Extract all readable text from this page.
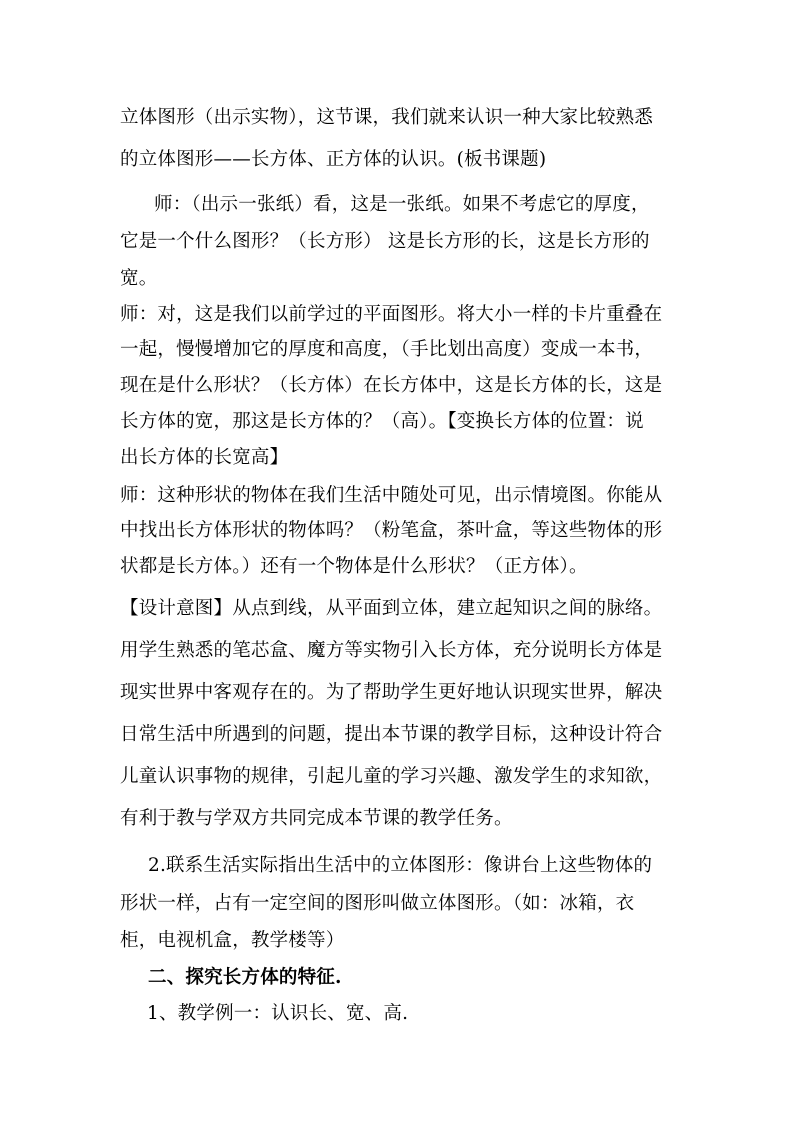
立体图形（出示实物），这节课，我们就来认识一种大家比较熟悉
的立体图形——长方体、正方体的认识。(板书课题)
师：（出示一张纸）看，这是一张纸。如果不考虑它的厚度，
它是一个什么图形？（长方形） 这是长方形的长，这是长方形的
宽。
师：对，这是我们以前学过的平面图形。将大小一样的卡片重叠在
一起，慢慢增加它的厚度和高度，（手比划出高度）变成一本书，
现在是什么形状？（长方体）在长方体中，这是长方体的长，这是
长方体的宽，那这是长方体的？（高）。【变换长方体的位置：说
出长方体的长宽高】
师：这种形状的物体在我们生活中随处可见，出示情境图。你能从
中找出长方体形状的物体吗？（粉笔盒，茶叶盒，等这些物体的形
状都是长方体。）还有一个物体是什么形状？（正方体）。
【设计意图】从点到线，从平面到立体，建立起知识之间的脉络。
用学生熟悉的笔芯盒、魔方等实物引入长方体，充分说明长方体是
现实世界中客观存在的。为了帮助学生更好地认识现实世界，解决
日常生活中所遇到的问题，提出本节课的教学目标，这种设计符合
儿童认识事物的规律，引起儿童的学习兴趣、激发学生的求知欲，
有利于教与学双方共同完成本节课的教学任务。
2.联系生活实际指出生活中的立体图形：像讲台上这些物体的
形状一样，占有一定空间的图形叫做立体图形。（如：冰箱，衣
柜，电视机盒，教学楼等）
二、探究长方体的特征.
1、教学例一：认识长、宽、高.
